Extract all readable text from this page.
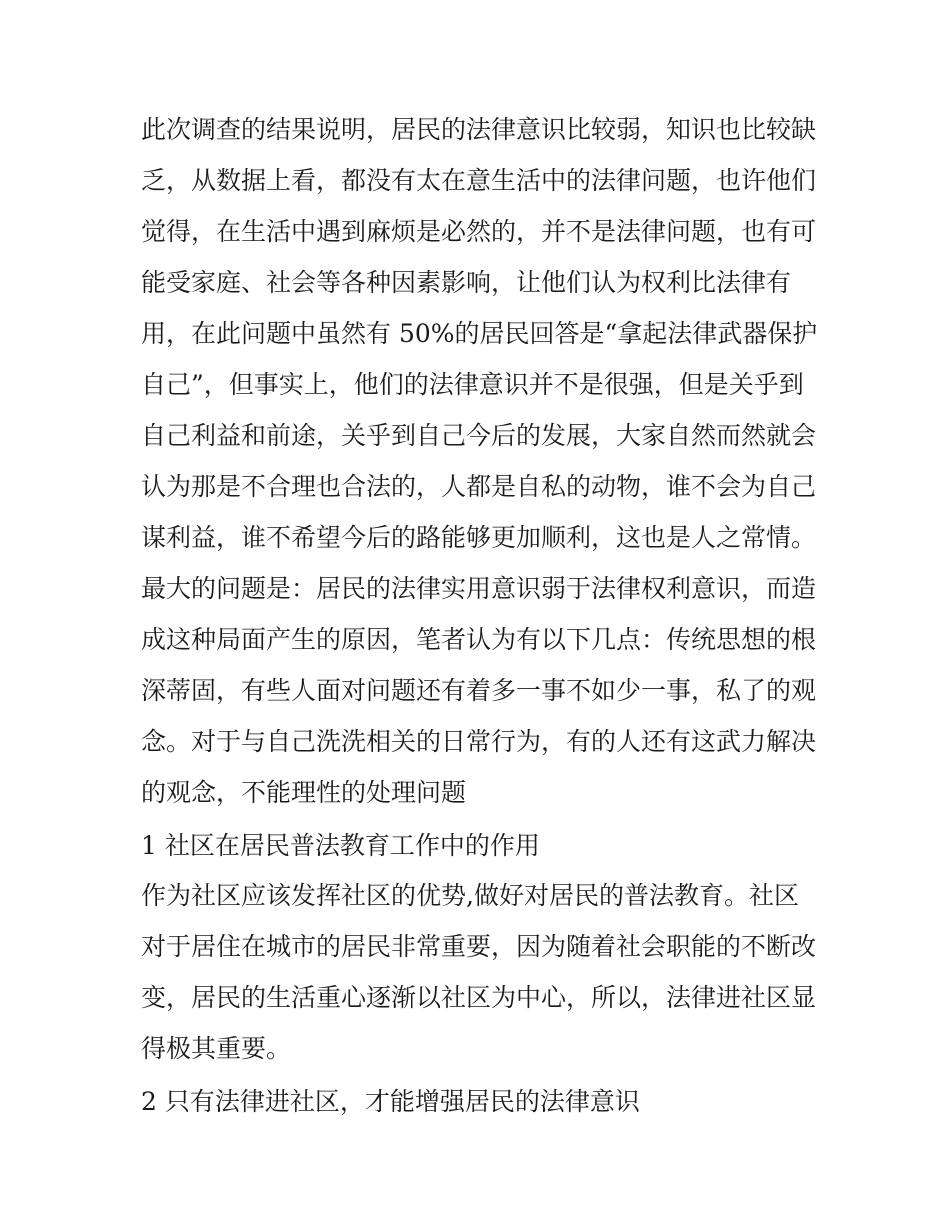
此次调查的结果说明，居民的法律意识比较弱，知识也比较缺
乏，从数据上看，都没有太在意生活中的法律问题，也许他们
觉得，在生活中遇到麻烦是必然的，并不是法律问题，也有可
能受家庭、社会等各种因素影响，让他们认为权利比法律有
用，在此问题中虽然有 50%的居民回答是“拿起法律武器保护
自己”，但事实上，他们的法律意识并不是很强，但是关乎到
自己利益和前途，关乎到自己今后的发展，大家自然而然就会
认为那是不合理也合法的，人都是自私的动物，谁不会为自己
谋利益，谁不希望今后的路能够更加顺利，这也是人之常情。
最大的问题是：居民的法律实用意识弱于法律权利意识，而造
成这种局面产生的原因，笔者认为有以下几点：传统思想的根
深蒂固，有些人面对问题还有着多一事不如少一事，私了的观
念。对于与自己洗洗相关的日常行为，有的人还有这武力解决
的观念，不能理性的处理问题
1 社区在居民普法教育工作中的作用
作为社区应该发挥社区的优势,做好对居民的普法教育。社区
对于居住在城市的居民非常重要，因为随着社会职能的不断改
变，居民的生活重心逐渐以社区为中心，所以，法律进社区显
得极其重要。
2 只有法律进社区，才能增强居民的法律意识
